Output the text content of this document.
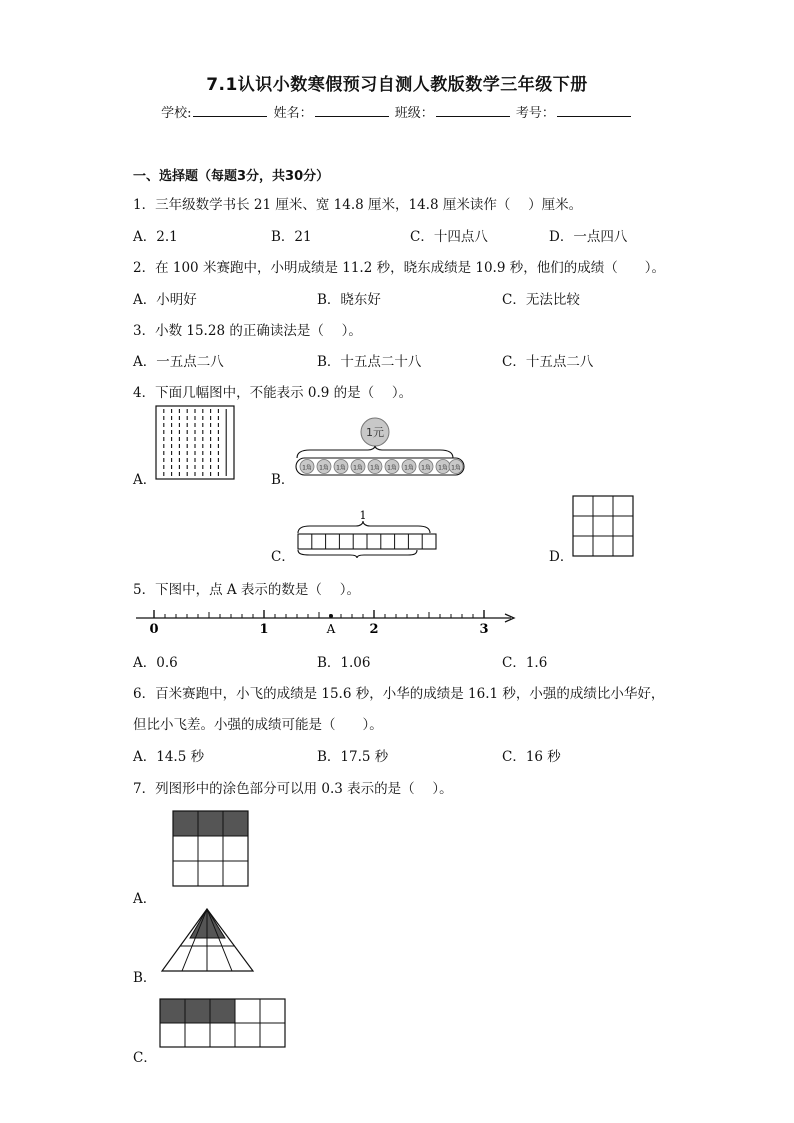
7.1认识小数寒假预习自测人教版数学三年级下册
学校:	姓名：	班级：	考号：
一、选择题（每题3分，共30分）
1．三年级数学书长 21 厘米、宽 14.8 厘米，14.8 厘米读作（　 ）厘米。
A．2.1	B．21	C．十四点八	D．一点四八
2．在 100 米赛跑中，小明成绩是 11.2 秒，晓东成绩是 10.9 秒，他们的成绩（　　）。
A．小明好	B．晓东好	C．无法比较
3．小数 15.28 的正确读法是（　 ）。
A．一五点二八	B．十五点二十八	C．十五点二八
4．下面几幅图中，不能表示 0.9 的是（　 ）。
A．	B．
1元
1角 1角 1角 1角 1角 1角 1角 1角 1角 1角
C．
1
D．
5．下图中，点 A 表示的数是（　 ）。
0	1	A	2	3
A．0.6	B．1.06	C．1.6
6．百米赛跑中，小飞的成绩是 15.6 秒，小华的成绩是 16.1 秒，小强的成绩比小华好，
但比小飞差。小强的成绩可能是（　　）。
A．14.5 秒	B．17.5 秒	C．16 秒
7．列图形中的涂色部分可以用 0.3 表示的是（　 ）。
A．
B．
C．
